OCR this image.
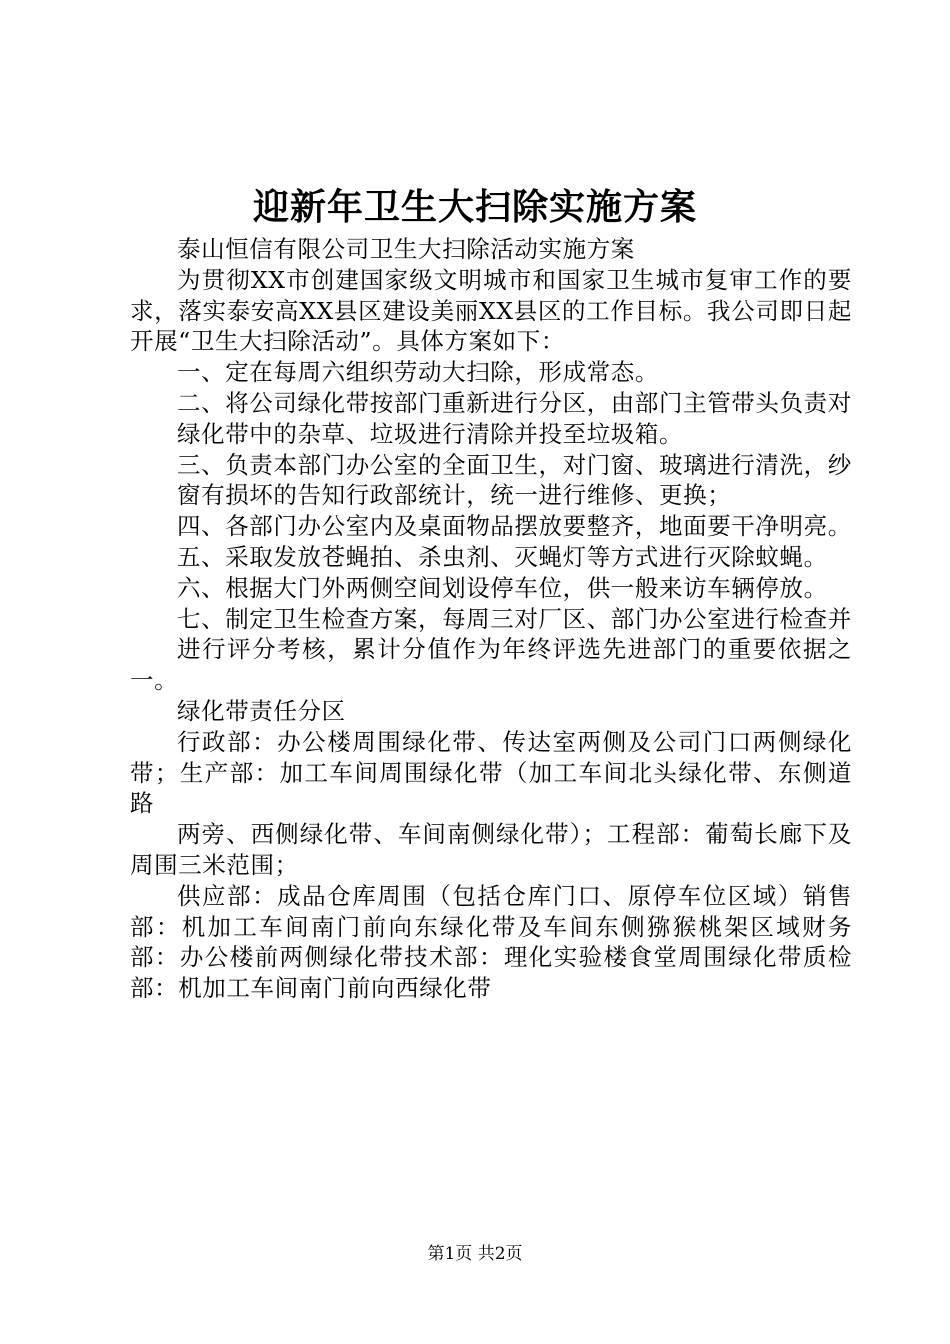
迎新年卫生大扫除实施方案

泰山恒信有限公司卫生大扫除活动实施方案

为贯彻XX市创建国家级文明城市和国家卫生城市复审工作的要求，落实泰安高XX县区建设美丽XX县区的工作目标。我公司即日起开展“卫生大扫除活动”。具体方案如下：

一、定在每周六组织劳动大扫除，形成常态。

二、将公司绿化带按部门重新进行分区，由部门主管带头负责对

绿化带中的杂草、垃圾进行清除并投至垃圾箱。

三、负责本部门办公室的全面卫生，对门窗、玻璃进行清洗，纱

窗有损坏的告知行政部统计，统一进行维修、更换；

四、各部门办公室内及桌面物品摆放要整齐，地面要干净明亮。

五、采取发放苍蝇拍、杀虫剂、灭蝇灯等方式进行灭除蚊蝇。

六、根据大门外两侧空间划设停车位，供一般来访车辆停放。

七、制定卫生检查方案，每周三对厂区、部门办公室进行检查并

进行评分考核，累计分值作为年终评选先进部门的重要依据之一。

绿化带责任分区

行政部：办公楼周围绿化带、传达室两侧及公司门口两侧绿化带；生产部：加工车间周围绿化带（加工车间北头绿化带、东侧道路

两旁、西侧绿化带、车间南侧绿化带）；工程部：葡萄长廊下及周围三米范围；

供应部：成品仓库周围（包括仓库门口、原停车位区域）销售部：机加工车间南门前向东绿化带及车间东侧猕猴桃架区域财务部：办公楼前两侧绿化带技术部：理化实验楼食堂周围绿化带质检部：机加工车间南门前向西绿化带

第1页 共2页
